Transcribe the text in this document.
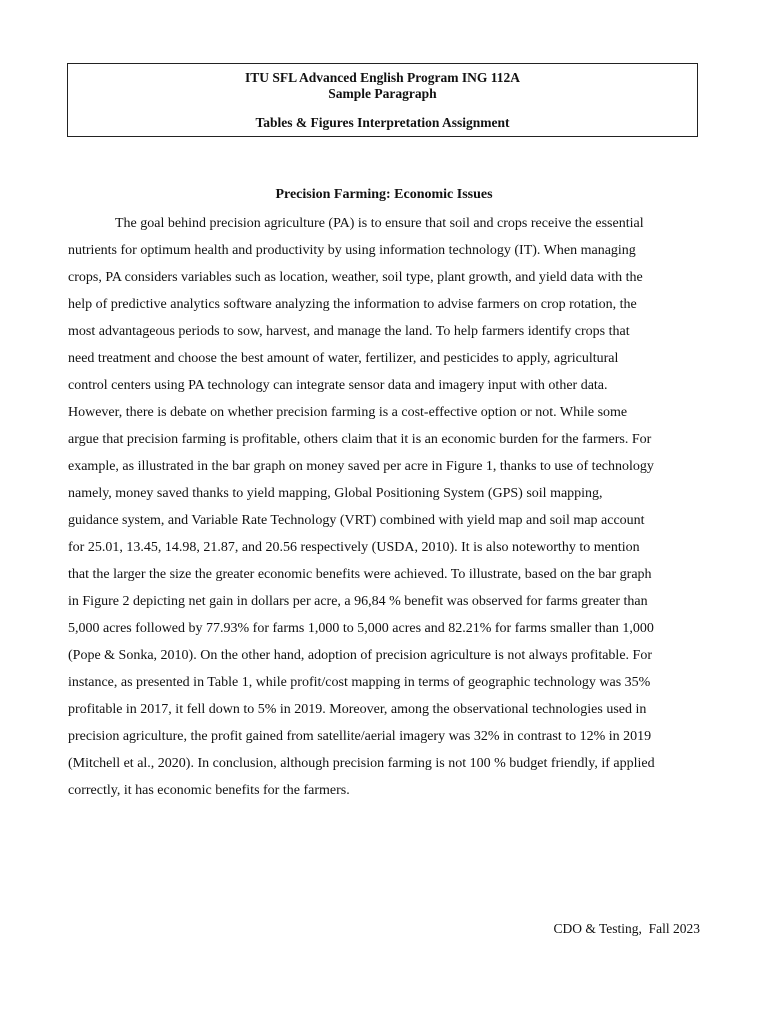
ITU SFL Advanced English Program ING 112A
Sample Paragraph
Tables & Figures Interpretation Assignment
Precision Farming: Economic Issues
The goal behind precision agriculture (PA) is to ensure that soil and crops receive the essential
nutrients for optimum health and productivity by using information technology (IT). When managing
crops, PA considers variables such as location, weather, soil type, plant growth, and yield data with the
help of predictive analytics software analyzing the information to advise farmers on crop rotation, the
most advantageous periods to sow, harvest, and manage the land. To help farmers identify crops that
need treatment and choose the best amount of water, fertilizer, and pesticides to apply, agricultural
control centers using PA technology can integrate sensor data and imagery input with other data.
However, there is debate on whether precision farming is a cost-effective option or not. While some
argue that precision farming is profitable, others claim that it is an economic burden for the farmers. For
example, as illustrated in the bar graph on money saved per acre in Figure 1, thanks to use of technology
namely, money saved thanks to yield mapping, Global Positioning System (GPS) soil mapping,
guidance system, and Variable Rate Technology (VRT) combined with yield map and soil map account
for 25.01, 13.45, 14.98, 21.87, and 20.56 respectively (USDA, 2010). It is also noteworthy to mention
that the larger the size the greater economic benefits were achieved. To illustrate, based on the bar graph
in Figure 2 depicting net gain in dollars per acre, a 96,84 % benefit was observed for farms greater than
5,000 acres followed by 77.93% for farms 1,000 to 5,000 acres and 82.21% for farms smaller than 1,000
(Pope & Sonka, 2010). On the other hand, adoption of precision agriculture is not always profitable. For
instance, as presented in Table 1, while profit/cost mapping in terms of geographic technology was 35%
profitable in 2017, it fell down to 5% in 2019. Moreover, among the observational technologies used in
precision agriculture, the profit gained from satellite/aerial imagery was 32% in contrast to 12% in 2019
(Mitchell et al., 2020). In conclusion, although precision farming is not 100 % budget friendly, if applied
correctly, it has economic benefits for the farmers.
CDO & Testing,  Fall 2023
